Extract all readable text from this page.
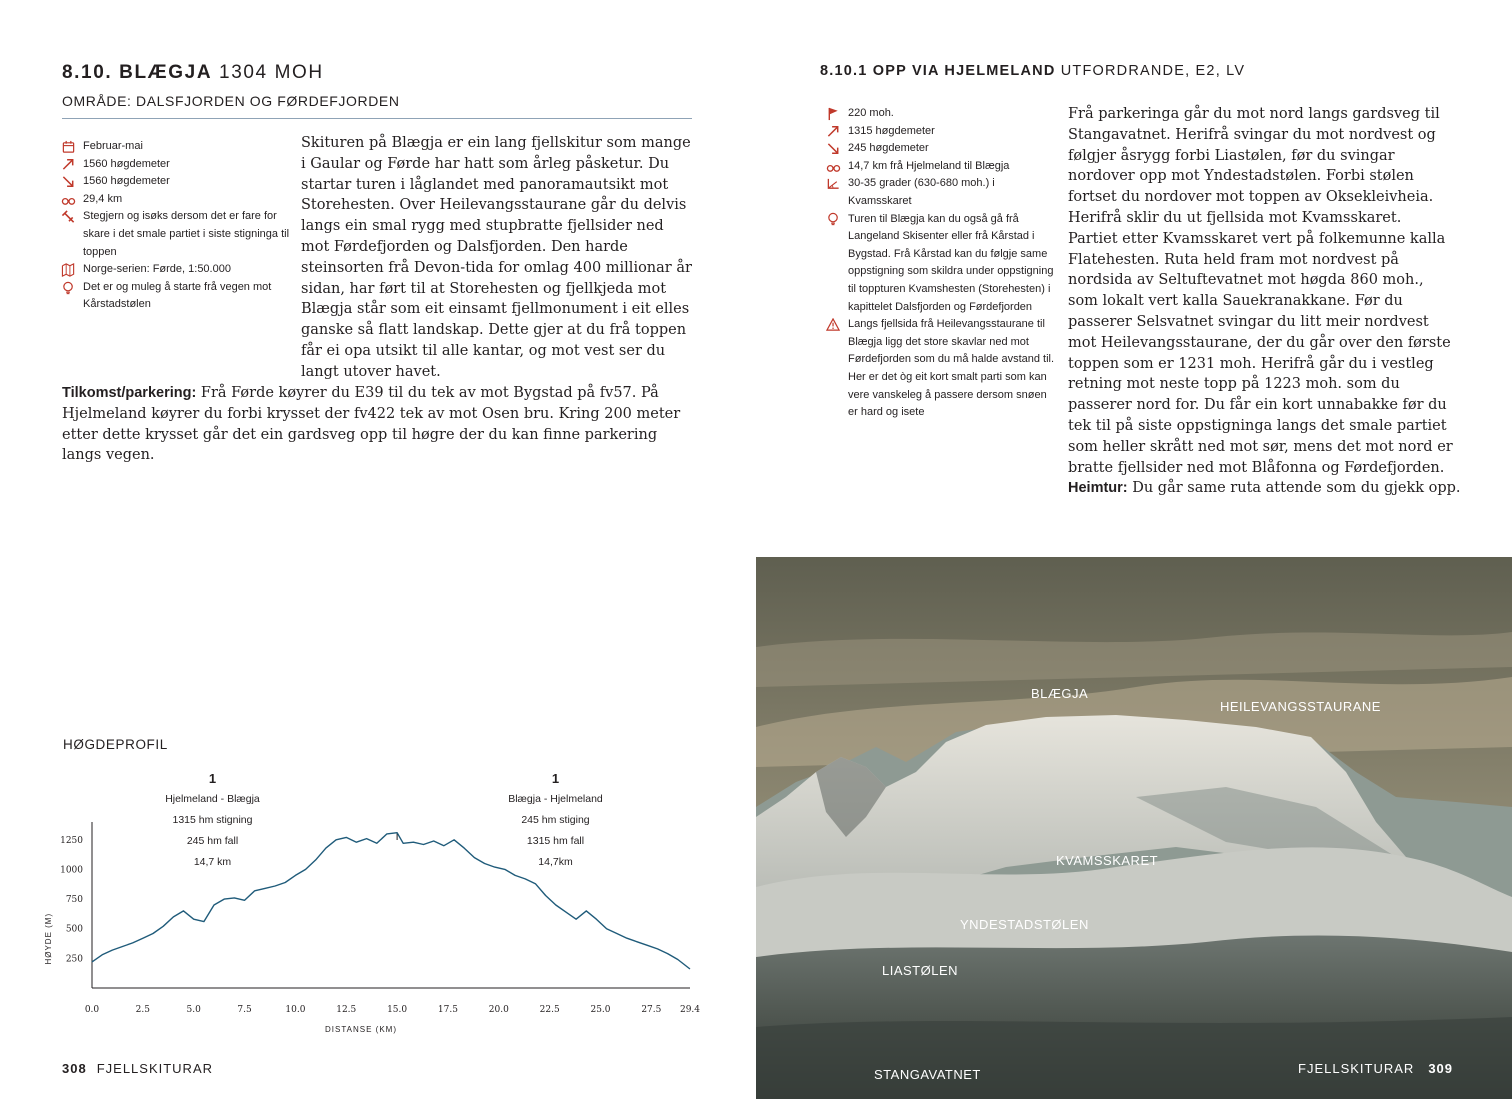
8.10. BLÆGJA 1304 MOH
OMRÅDE: DALSFJORDEN OG FØRDEFJORDEN
Februar-mai
1560 høgdemeter
1560 høgdemeter
29,4 km
Stegjern og isøks dersom det er fare for skare i det smale partiet i siste stigninga til toppen
Norge-serien: Førde, 1:50.000
Det er og muleg å starte frå vegen mot Kårstadstølen
Skituren på Blægja er ein lang fjellskitur som mange i Gaular og Førde har hatt som årleg påsketur. Du startar turen i låglandet med panoramautsikt mot Storehesten. Over Heilevangsstaurane går du delvis langs ein smal rygg med stupbratte fjellsider ned mot Førdefjorden og Dalsfjorden. Den harde steinsorten frå Devon-tida for omlag 400 millionar år sidan, har ført til at Storehesten og fjellkjeda mot Blægja står som eit einsamt fjellmonument i eit elles ganske så flatt landskap. Dette gjer at du frå toppen får ei opa utsikt til alle kantar, og mot vest ser du langt utover havet.
Tilkomst/parkering: Frå Førde køyrer du E39 til du tek av mot Bygstad på fv57. På Hjelmeland køyrer du forbi krysset der fv422 tek av mot Osen bru. Kring 200 meter etter dette krysset går det ein gardsveg opp til høgre der du kan finne parkering langs vegen.
HØGDEPROFIL
1
Hjelmeland - Blægja
1315 hm stigning
245 hm fall
14,7 km
1
Blægja - Hjelmeland
245 hm stiging
1315 hm fall
14,7km
250
500
750
1000
1250
0.0	2.5	5.0	7.5	10.0	12.5	15.0	17.5	20.0	22.5	25.0	27.5 29.4
DISTANSE (KM)
HØYDE (M)
308 FJELLSKITURAR
8.10.1 OPP VIA HJELMELAND UTFORDRANDE, E2, LV
220 moh.
1315 høgdemeter
245 høgdemeter
14,7 km frå Hjelmeland til Blægja
30-35 grader (630-680 moh.) i Kvamsskaret
Turen til Blægja kan du også gå frå Langeland Skisenter eller frå Kårstad i Bygstad. Frå Kårstad kan du følgje same oppstigning som skildra under oppstigning til toppturen Kvamshesten (Storehesten) i kapittelet Dalsfjorden og Førdefjorden
Langs fjellsida frå Heilevangsstaurane til Blægja ligg det store skavlar ned mot Førdefjorden som du må halde avstand til. Her er det òg eit kort smalt parti som kan vere vanskeleg å passere dersom snøen er hard og isete
Frå parkeringa går du mot nord langs gardsveg til Stangavatnet. Herifrå svingar du mot nordvest og følgjer åsrygg forbi Liastølen, før du svingar nordover opp mot Yndestadstølen. Forbi stølen fortset du nordover mot toppen av Oksekleivheia. Herifrå sklir du ut fjellsida mot Kvamsskaret. Partiet etter Kvamsskaret vert på folkemunne kalla Flatehesten. Ruta held fram mot nordvest på nordsida av Seltuftevatnet mot høgda 860 moh., som lokalt vert kalla Sauekranakkane. Før du passerer Selsvatnet svingar du litt meir nordvest mot Heilevangsstaurane, der du går over den første toppen som er 1231 moh. Herifrå går du i vestleg retning mot neste topp på 1223 moh. som du passerer nord for. Du får ein kort unnabakke før du tek til på siste oppstigninga langs det smale partiet som heller skrått ned mot sør, mens det mot nord er bratte fjellsider ned mot Blåfonna og Førdefjorden.
Heimtur: Du går same ruta attende som du gjekk opp.
BLÆGJA
HEILEVANGSSTAURANE
KVAMSSKARET
YNDESTADSTØLEN
LIASTØLEN
STANGAVATNET	FJELLSKITURAR 309
